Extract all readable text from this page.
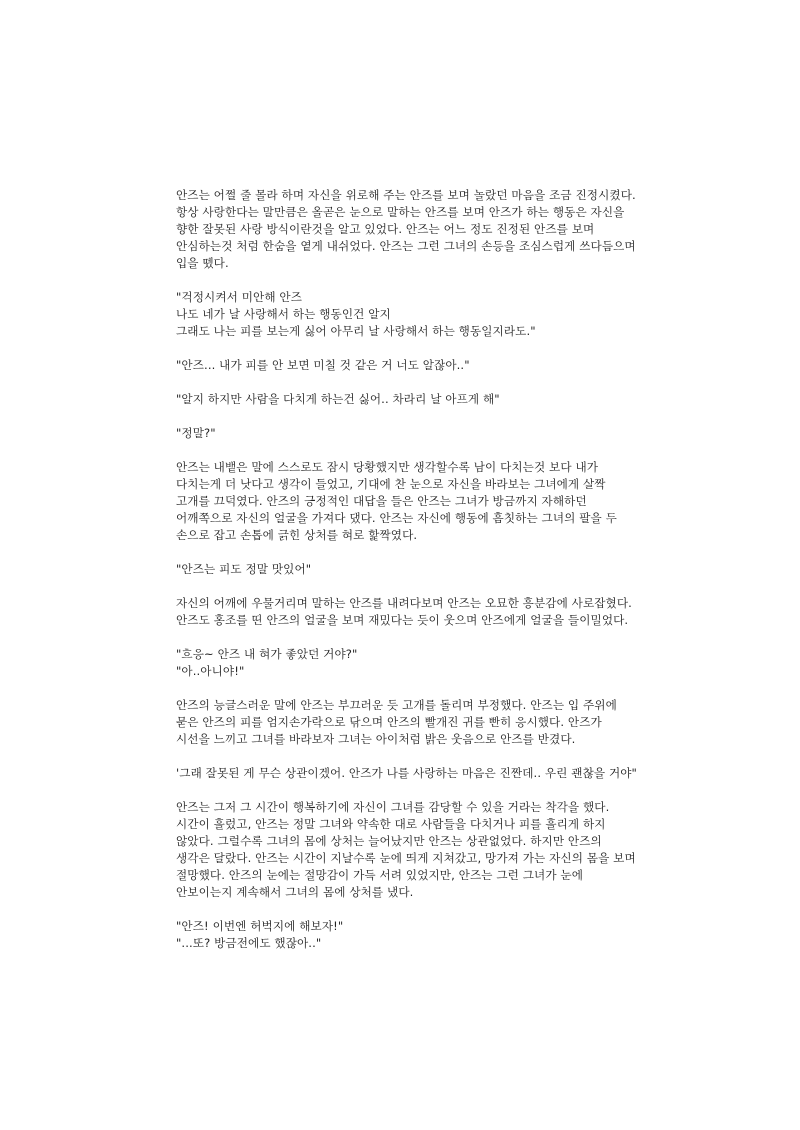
안즈는 어쩔 줄 몰라 하며 자신을 위로해 주는 안즈를 보며 놀랐던 마음을 조금 진정시켰다.
항상 사랑한다는 말만큼은 올곧은 눈으로 말하는 안즈를 보며 안즈가 하는 행동은 자신을
향한 잘못된 사랑 방식이란것을 알고 있었다. 안즈는 어느 정도 진정된 안즈를 보며
안심하는것 처럼 한숨을 옅게 내쉬었다. 안즈는 그런 그녀의 손등을 조심스럽게 쓰다듬으며
입을 뗐다.

"걱정시켜서 미안해 안즈
나도 네가 날 사랑해서 하는 행동인건 알지
그래도 나는 피를 보는게 싫어 아무리 날 사랑해서 하는 행동일지라도."

"안즈... 내가 피를 안 보면 미칠 것 같은 거 너도 알잖아.."

"알지 하지만 사람을 다치게 하는건 싫어.. 차라리 날 아프게 해"

"정말?"

안즈는 내뱉은 말에 스스로도 잠시 당황했지만 생각할수록 남이 다치는것 보다 내가
다치는게 더 낫다고 생각이 들었고, 기대에 찬 눈으로 자신을 바라보는 그녀에게 살짝
고개를 끄덕였다. 안즈의 긍정적인 대답을 들은 안즈는 그녀가 방금까지 자해하던
어깨쪽으로 자신의 얼굴을 가져다 댔다. 안즈는 자신에 행동에 흠칫하는 그녀의 팔을 두
손으로 잡고 손톱에 긁힌 상처를 혀로 핥짝였다.

"안즈는 피도 정말 맛있어"

자신의 어깨에 우물거리며 말하는 안즈를 내려다보며 안즈는 오묘한 흥분감에 사로잡혔다.
안즈도 홍조를 띤 안즈의 얼굴을 보며 재밌다는 듯이 웃으며 안즈에게 얼굴을 들이밀었다.

"흐응~ 안즈 내 혀가 좋았던 거야?"
"아..아니야!"

안즈의 능글스러운 말에 안즈는 부끄러운 듯 고개를 돌리며 부정했다. 안즈는 입 주위에
묻은 안즈의 피를 엄지손가락으로 닦으며 안즈의 빨개진 귀를 빤히 응시했다. 안즈가
시선을 느끼고 그녀를 바라보자 그녀는 아이처럼 밝은 웃음으로 안즈를 반겼다.

'그래 잘못된 게 무슨 상관이겠어. 안즈가 나를 사랑하는 마음은 진짠데.. 우린 괜찮을 거야"

안즈는 그저 그 시간이 행복하기에 자신이 그녀를 감당할 수 있을 거라는 착각을 했다.
시간이 흘렀고, 안즈는 정말 그녀와 약속한 대로 사람들을 다치거나 피를 흘리게 하지
않았다. 그럴수록 그녀의 몸에 상처는 늘어났지만 안즈는 상관없었다. 하지만 안즈의
생각은 달랐다. 안즈는 시간이 지날수록 눈에 띄게 지쳐갔고, 망가져 가는 자신의 몸을 보며
절망했다. 안즈의 눈에는 절망감이 가득 서려 있었지만, 안즈는 그런 그녀가 눈에
안보이는지 계속해서 그녀의 몸에 상처를 냈다.

"안즈! 이번엔 허벅지에 해보자!"
"...또? 방금전에도 했잖아.."
